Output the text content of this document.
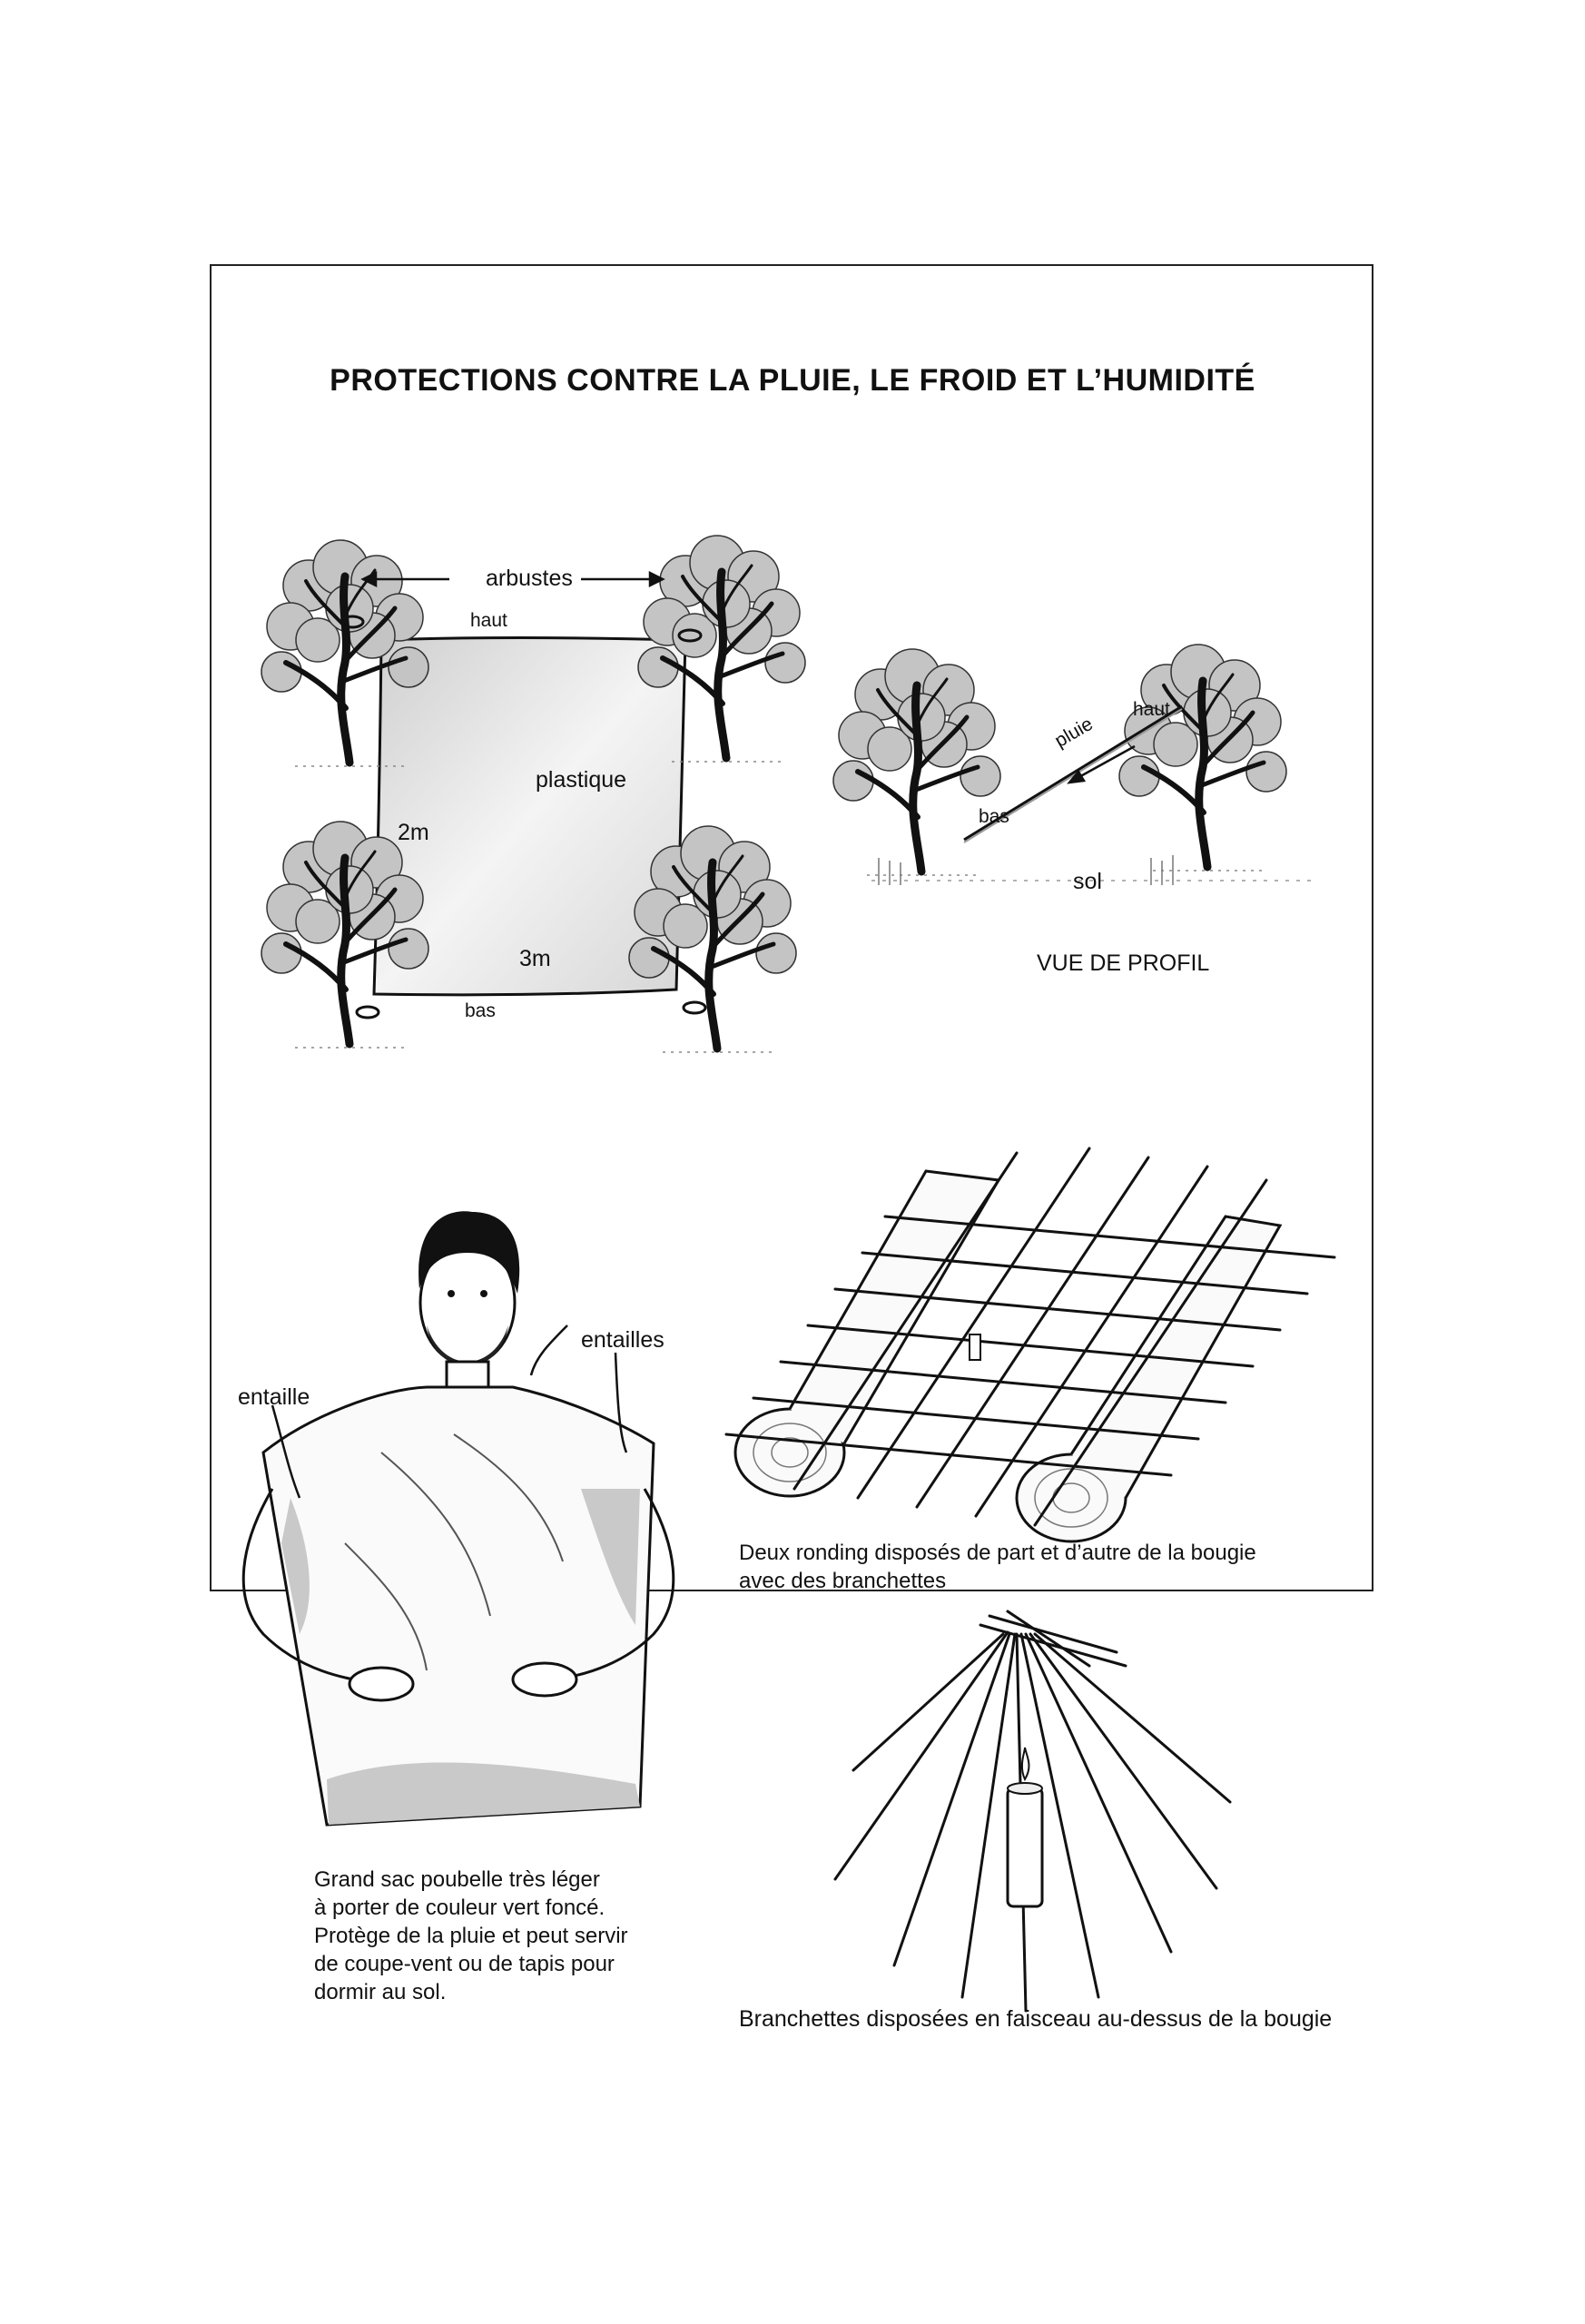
PROTECTIONS CONTRE LA PLUIE, LE FROID ET L’HUMIDITÉ
arbustes
haut
plastique
2m
3m
bas
pluie
haut
bas
sol
VUE DE PROFIL
entaille
entailles
Grand sac poubelle très léger
à porter de couleur vert foncé.
Protège de la pluie et peut servir
de coupe-vent ou de tapis pour
dormir au sol.
Deux ronding disposés de part et d’autre de la bougie
avec des branchettes
Branchettes disposées en faisceau au-dessus de la bougie
